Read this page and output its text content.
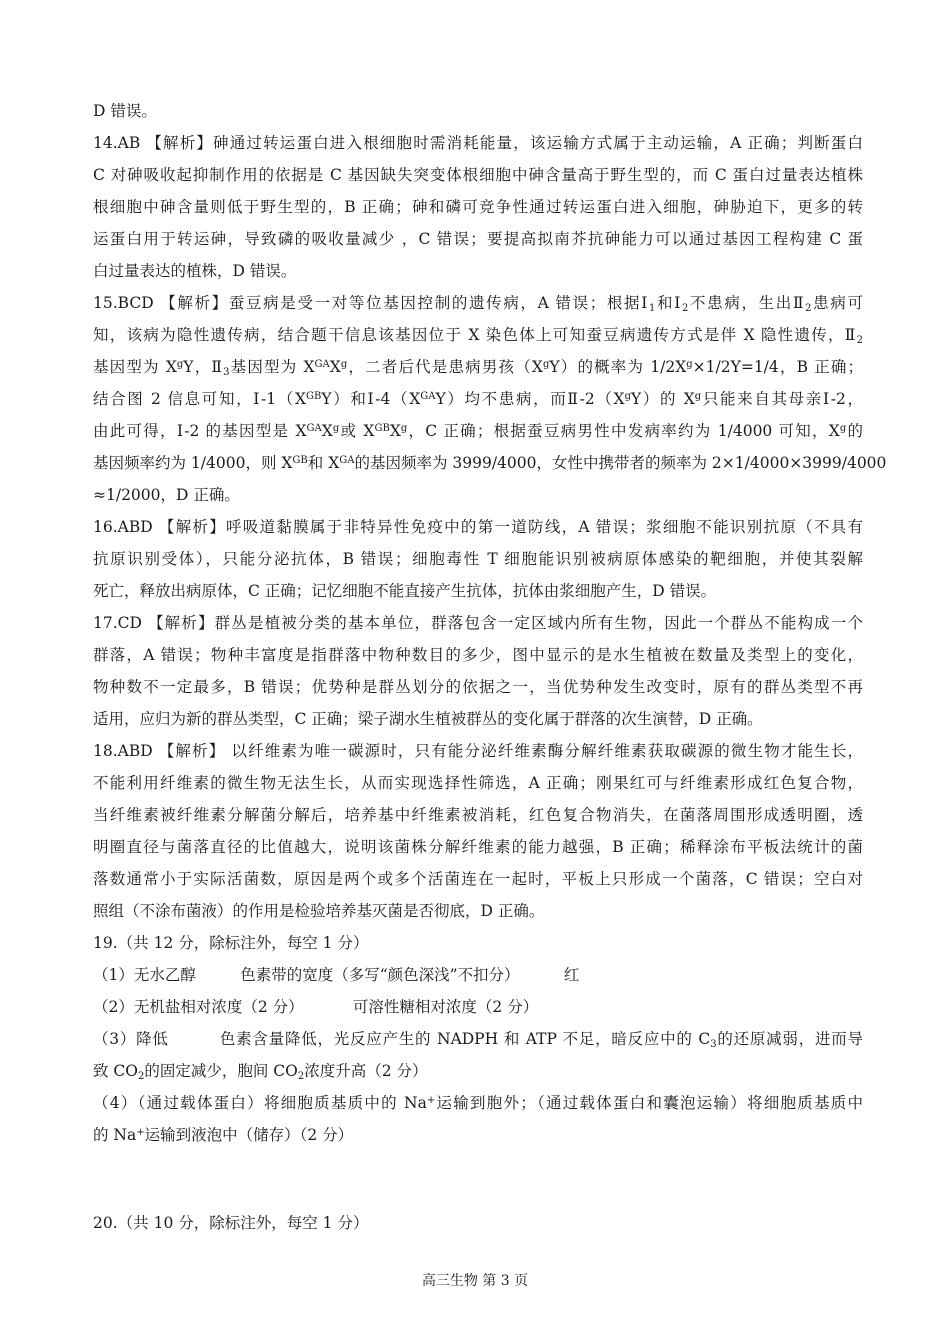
D 错误。
14.AB 【解析】砷通过转运蛋白进入根细胞时需消耗能量，该运输方式属于主动运输，A 正确；判断蛋白
C 对砷吸收起抑制作用的依据是 C 基因缺失突变体根细胞中砷含量高于野生型的，而 C 蛋白过量表达植株
根细胞中砷含量则低于野生型的，B 正确；砷和磷可竞争性通过转运蛋白进入细胞，砷胁迫下，更多的转
运蛋白用于转运砷，导致磷的吸收量减少 ，C 错误；要提高拟南芥抗砷能力可以通过基因工程构建 C 蛋
白过量表达的植株，D 错误。
15.BCD 【解析】蚕豆病是受一对等位基因控制的遗传病，A 错误；根据$Ⅰ_1$和$Ⅰ_2$不患病，生出$Ⅱ_2$患病可
知，该病为隐性遗传病，结合题干信息该基因位于 X 染色体上可知蚕豆病遗传方式是伴 X 隐性遗传，$Ⅱ_2$
基因型为 $X^gY$，$Ⅱ_3$基因型为 $X^{GA}X^g$，二者后代是患病男孩$(X^gY)$的概率为 $1/2X^g\times 1/2Y=1/4$，B 正确；
结合图 2 信息可知，$Ⅰ-1(X^{GB}Y)$和$Ⅰ-4(X^{GA}Y)$均不患病，而$Ⅱ-2(X^gY)$的 $X^g$只能来自其母亲Ⅰ-2，
由此可得，Ⅰ-2 的基因型是 $X^{GA}X^g$或 $X^{GB}X^g$，C 正确；根据蚕豆病男性中发病率约为 1/4000 可知，$X^g$的
基因频率约为 1/4000，则 $X^{GB}$和 $X^{GA}$的基因频率为 3999/4000，女性中携带者的频率为 2×1/4000×3999/4000
≈1/2000，D 正确。
16.ABD 【解析】呼吸道黏膜属于非特异性免疫中的第一道防线，A 错误；浆细胞不能识别抗原（不具有
抗原识别受体），只能分泌抗体，B 错误；细胞毒性 T 细胞能识别被病原体感染的靶细胞，并使其裂解
死亡，释放出病原体，C 正确；记忆细胞不能直接产生抗体，抗体由浆细胞产生，D 错误。
17.CD 【解析】群丛是植被分类的基本单位，群落包含一定区域内所有生物，因此一个群丛不能构成一个
群落，A 错误；物种丰富度是指群落中物种数目的多少，图中显示的是水生植被在数量及类型上的变化，
物种数不一定最多，B 错误；优势种是群丛划分的依据之一，当优势种发生改变时，原有的群丛类型不再
适用，应归为新的群丛类型，C 正确；梁子湖水生植被群丛的变化属于群落的次生演替，D 正确。
18.ABD 【解析】 以纤维素为唯一碳源时，只有能分泌纤维素酶分解纤维素获取碳源的微生物才能生长，
不能利用纤维素的微生物无法生长，从而实现选择性筛选，A 正确；刚果红可与纤维素形成红色复合物，
当纤维素被纤维素分解菌分解后，培养基中纤维素被消耗，红色复合物消失，在菌落周围形成透明圈，透
明圈直径与菌落直径的比值越大，说明该菌株分解纤维素的能力越强，B 正确；稀释涂布平板法统计的菌
落数通常小于实际活菌数，原因是两个或多个活菌连在一起时，平板上只形成一个菌落，C 错误；空白对
照组（不涂布菌液）的作用是检验培养基灭菌是否彻底，D 正确。
19.（共 12 分，除标注外，每空 1 分）
（1）无水乙醇         色素带的宽度（多写“颜色深浅”不扣分）         红
（2）无机盐相对浓度（2 分）          可溶性糖相对浓度（2 分）
（3）降低         色素含量降低，光反应产生的 NADPH 和 ATP 不足，暗反应中的 $C_3$的还原减弱，进而导
致 $CO_2$的固定减少，胞间 $CO_2$浓度升高（2 分）
（4）（通过载体蛋白）将细胞质基质中的 Na+运输到胞外；（通过载体蛋白和囊泡运输）将细胞质基质中
的 Na+运输到液泡中（储存）（2 分）
20.（共 10 分，除标注外，每空 1 分）
高三生物 第 3 页
